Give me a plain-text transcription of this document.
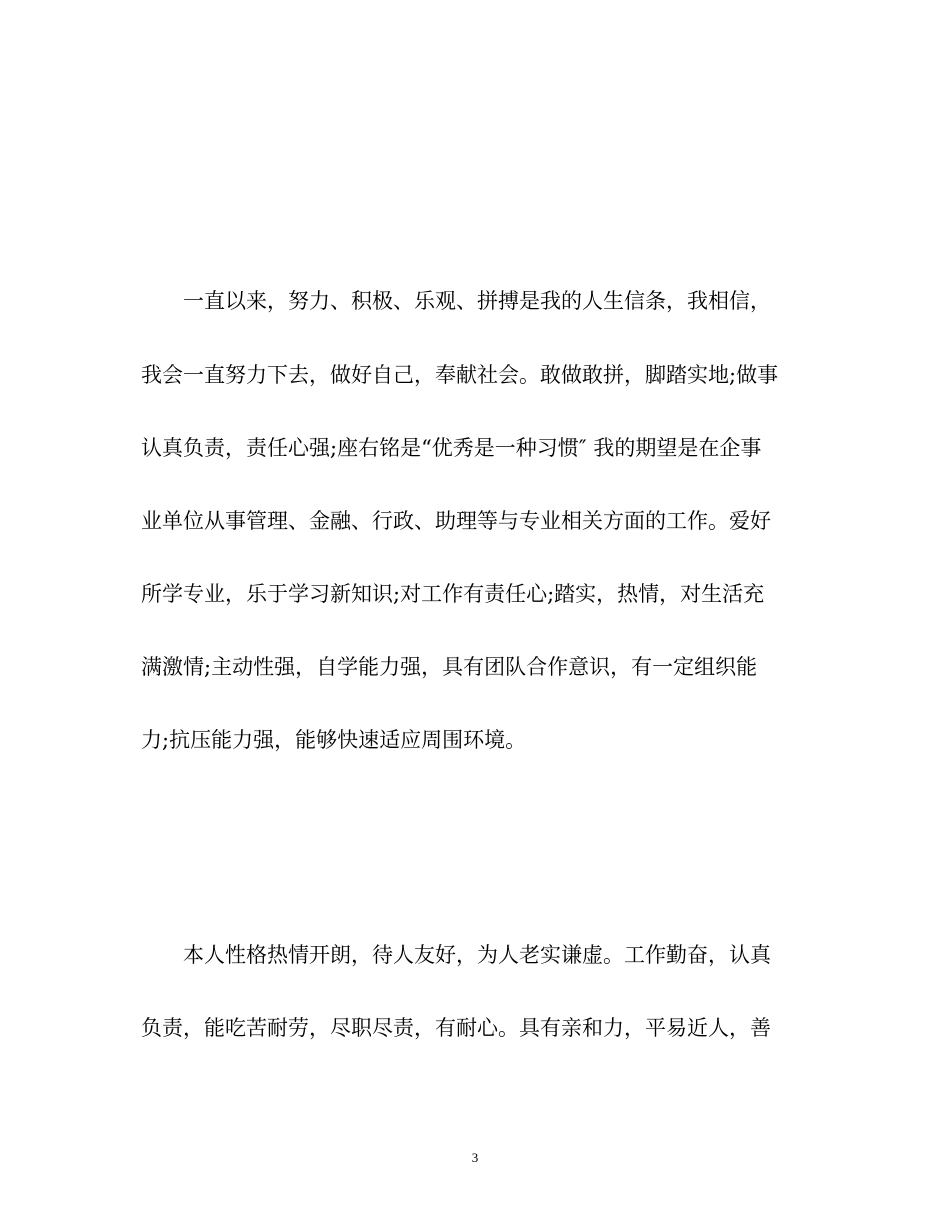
一直以来，努力、积极、乐观、拼搏是我的人生信条，我相信，
我会一直努力下去，做好自己，奉献社会。敢做敢拼，脚踏实地;做事
认真负责，责任心强;座右铭是“优秀是一种习惯″ 我的期望是在企事
业单位从事管理、金融、行政、助理等与专业相关方面的工作。爱好
所学专业，乐于学习新知识;对工作有责任心;踏实，热情，对生活充
满激情;主动性强，自学能力强，具有团队合作意识，有一定组织能
力;抗压能力强，能够快速适应周围环境。
本人性格热情开朗，待人友好，为人老实谦虚。工作勤奋，认真
负责，能吃苦耐劳，尽职尽责，有耐心。具有亲和力，平易近人，善
3
